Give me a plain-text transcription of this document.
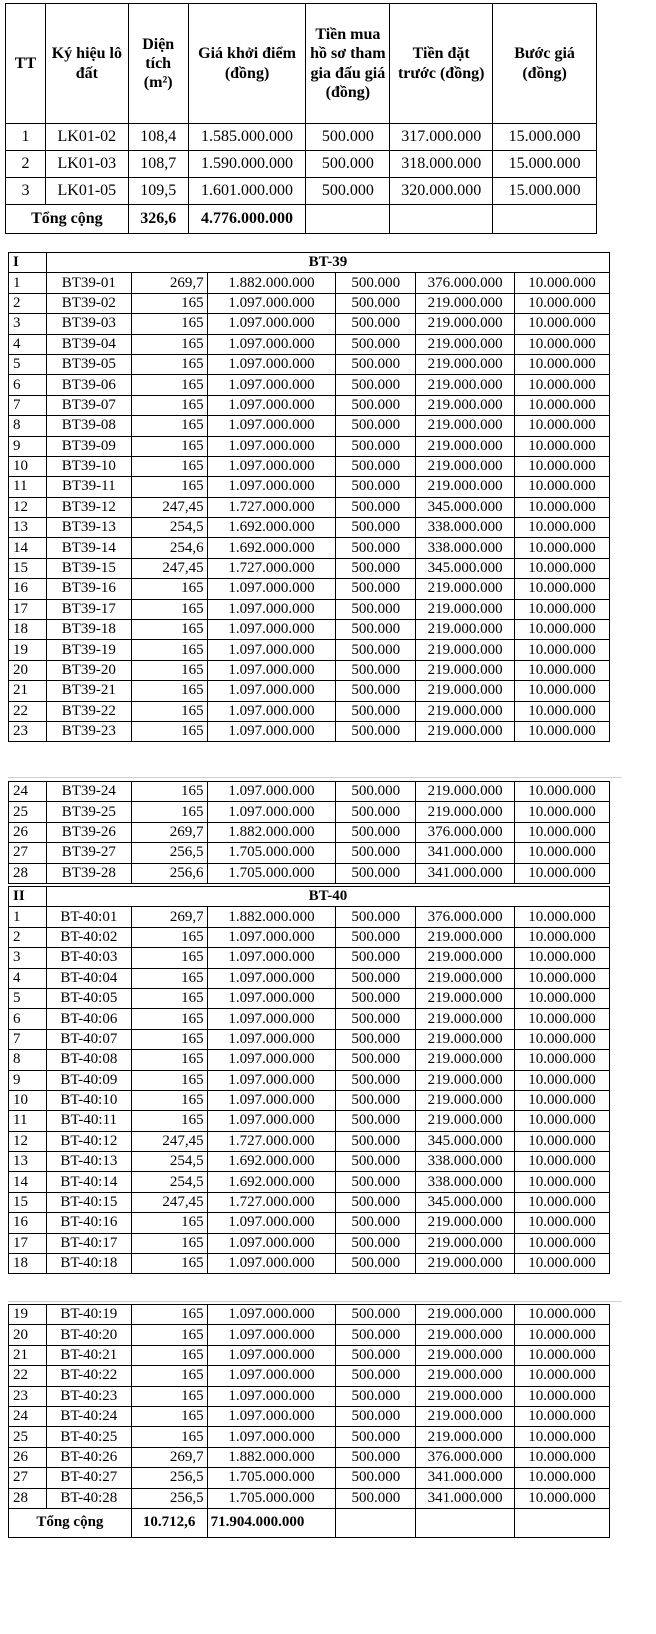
TT	Ký hiệu lô đất	Diện tích (m²)	Giá khởi điểm (đồng)	Tiền mua hồ sơ tham gia đấu giá (đồng)	Tiền đặt trước (đồng)	Bước giá (đồng)
1	LK01-02	108,4	1.585.000.000	500.000	317.000.000	15.000.000
2	LK01-03	108,7	1.590.000.000	500.000	318.000.000	15.000.000
3	LK01-05	109,5	1.601.000.000	500.000	320.000.000	15.000.000
Tổng cộng		326,6	4.776.000.000			
I	BT-39					
1	BT39-01	269,7	1.882.000.000	500.000	376.000.000	10.000.000
2	BT39-02	165	1.097.000.000	500.000	219.000.000	10.000.000
3	BT39-03	165	1.097.000.000	500.000	219.000.000	10.000.000
4	BT39-04	165	1.097.000.000	500.000	219.000.000	10.000.000
5	BT39-05	165	1.097.000.000	500.000	219.000.000	10.000.000
6	BT39-06	165	1.097.000.000	500.000	219.000.000	10.000.000
7	BT39-07	165	1.097.000.000	500.000	219.000.000	10.000.000
8	BT39-08	165	1.097.000.000	500.000	219.000.000	10.000.000
9	BT39-09	165	1.097.000.000	500.000	219.000.000	10.000.000
10	BT39-10	165	1.097.000.000	500.000	219.000.000	10.000.000
11	BT39-11	165	1.097.000.000	500.000	219.000.000	10.000.000
12	BT39-12	247,45	1.727.000.000	500.000	345.000.000	10.000.000
13	BT39-13	254,5	1.692.000.000	500.000	338.000.000	10.000.000
14	BT39-14	254,6	1.692.000.000	500.000	338.000.000	10.000.000
15	BT39-15	247,45	1.727.000.000	500.000	345.000.000	10.000.000
16	BT39-16	165	1.097.000.000	500.000	219.000.000	10.000.000
17	BT39-17	165	1.097.000.000	500.000	219.000.000	10.000.000
18	BT39-18	165	1.097.000.000	500.000	219.000.000	10.000.000
19	BT39-19	165	1.097.000.000	500.000	219.000.000	10.000.000
20	BT39-20	165	1.097.000.000	500.000	219.000.000	10.000.000
21	BT39-21	165	1.097.000.000	500.000	219.000.000	10.000.000
22	BT39-22	165	1.097.000.000	500.000	219.000.000	10.000.000
23	BT39-23	165	1.097.000.000	500.000	219.000.000	10.000.000
24	BT39-24	165	1.097.000.000	500.000	219.000.000	10.000.000
25	BT39-25	165	1.097.000.000	500.000	219.000.000	10.000.000
26	BT39-26	269,7	1.882.000.000	500.000	376.000.000	10.000.000
27	BT39-27	256,5	1.705.000.000	500.000	341.000.000	10.000.000
28	BT39-28	256,6	1.705.000.000	500.000	341.000.000	10.000.000
II	BT-40					
1	BT-40:01	269,7	1.882.000.000	500.000	376.000.000	10.000.000
2	BT-40:02	165	1.097.000.000	500.000	219.000.000	10.000.000
3	BT-40:03	165	1.097.000.000	500.000	219.000.000	10.000.000
4	BT-40:04	165	1.097.000.000	500.000	219.000.000	10.000.000
5	BT-40:05	165	1.097.000.000	500.000	219.000.000	10.000.000
6	BT-40:06	165	1.097.000.000	500.000	219.000.000	10.000.000
7	BT-40:07	165	1.097.000.000	500.000	219.000.000	10.000.000
8	BT-40:08	165	1.097.000.000	500.000	219.000.000	10.000.000
9	BT-40:09	165	1.097.000.000	500.000	219.000.000	10.000.000
10	BT-40:10	165	1.097.000.000	500.000	219.000.000	10.000.000
11	BT-40:11	165	1.097.000.000	500.000	219.000.000	10.000.000
12	BT-40:12	247,45	1.727.000.000	500.000	345.000.000	10.000.000
13	BT-40:13	254,5	1.692.000.000	500.000	338.000.000	10.000.000
14	BT-40:14	254,5	1.692.000.000	500.000	338.000.000	10.000.000
15	BT-40:15	247,45	1.727.000.000	500.000	345.000.000	10.000.000
16	BT-40:16	165	1.097.000.000	500.000	219.000.000	10.000.000
17	BT-40:17	165	1.097.000.000	500.000	219.000.000	10.000.000
18	BT-40:18	165	1.097.000.000	500.000	219.000.000	10.000.000
19	BT-40:19	165	1.097.000.000	500.000	219.000.000	10.000.000
20	BT-40:20	165	1.097.000.000	500.000	219.000.000	10.000.000
21	BT-40:21	165	1.097.000.000	500.000	219.000.000	10.000.000
22	BT-40:22	165	1.097.000.000	500.000	219.000.000	10.000.000
23	BT-40:23	165	1.097.000.000	500.000	219.000.000	10.000.000
24	BT-40:24	165	1.097.000.000	500.000	219.000.000	10.000.000
25	BT-40:25	165	1.097.000.000	500.000	219.000.000	10.000.000
26	BT-40:26	269,7	1.882.000.000	500.000	376.000.000	10.000.000
27	BT-40:27	256,5	1.705.000.000	500.000	341.000.000	10.000.000
28	BT-40:28	256,5	1.705.000.000	500.000	341.000.000	10.000.000
Tổng cộng		10.712,6	71.904.000.000			
